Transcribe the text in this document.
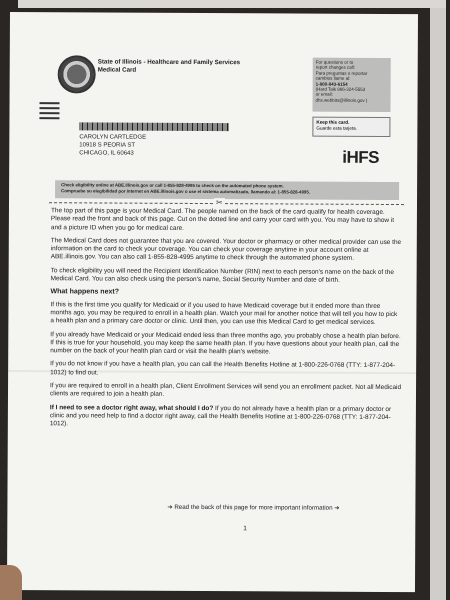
State of Illinois - Healthcare and Family Services
Medical Card
CAROLYN CARTLEDGE
10918 S PEORIA ST
CHICAGO, IL 60643
For questions or to
report changes call:
Para preguntas o reportar
cambios llame al:
1-800-843-6154
(Hard Talk 866-324-5553
or email:
dhs.webbits@illinois.gov )
Keep this card.
Guarde esta tarjeta.
iHFS
Check eligibility online at ABE.illinois.gov or call 1-855-828-4995 to check on the automated phone system.
Compruebe su elegibilidad por Internet en ABE.illinois.gov o use el sistema automatizado, llamando al: 1-855-828-4995.
✂

The top part of this page is your Medical Card. The people named on the back of the card qualify for health coverage. Please read the front and back of this page. Cut on the dotted line and carry your card with you. You may have to show it and a picture ID when you go for medical care.

The Medical Card does not guarantee that you are covered. Your doctor or pharmacy or other medical provider can use the information on the card to check your coverage. You can check your coverage anytime in your account online at ABE.illinois.gov. You can also call 1-855-828-4995 anytime to check through the automated phone system.

To check eligibility you will need the Recipient Identification Number (RIN) next to each person's name on the back of the Medical Card. You can also check using the person's name, Social Security Number and date of birth.

What happens next?

If this is the first time you qualify for Medicaid or if you used to have Medicaid coverage but it ended more than three months ago, you may be required to enroll in a health plan. Watch your mail for another notice that will tell you how to pick a health plan and a primary care doctor or clinic. Until then, you can use this Medical Card to get medical services.

If you already have Medicaid or your Medicaid ended less than three months ago, you probably chose a health plan before. If this is true for your household, you may keep the same health plan. If you have questions about your health plan, call the number on the back of your health plan card or visit the health plan's website.

If you do not know if you have a health plan, you can call the Health Benefits Hotline at 1-800-226-0768 (TTY: 1-877-204-1012) to find out.

If you are required to enroll in a health plan, Client Enrollment Services will send you an enrollment packet. Not all Medicaid clients are required to join a health plan.

If I need to see a doctor right away, what should I do? If you do not already have a health plan or a primary doctor or clinic and you need help to find a doctor right away, call the Health Benefits Hotline at 1-800-226-0768 (TTY: 1-877-204-1012).

➔ Read the back of this page for more important information ➔
1
